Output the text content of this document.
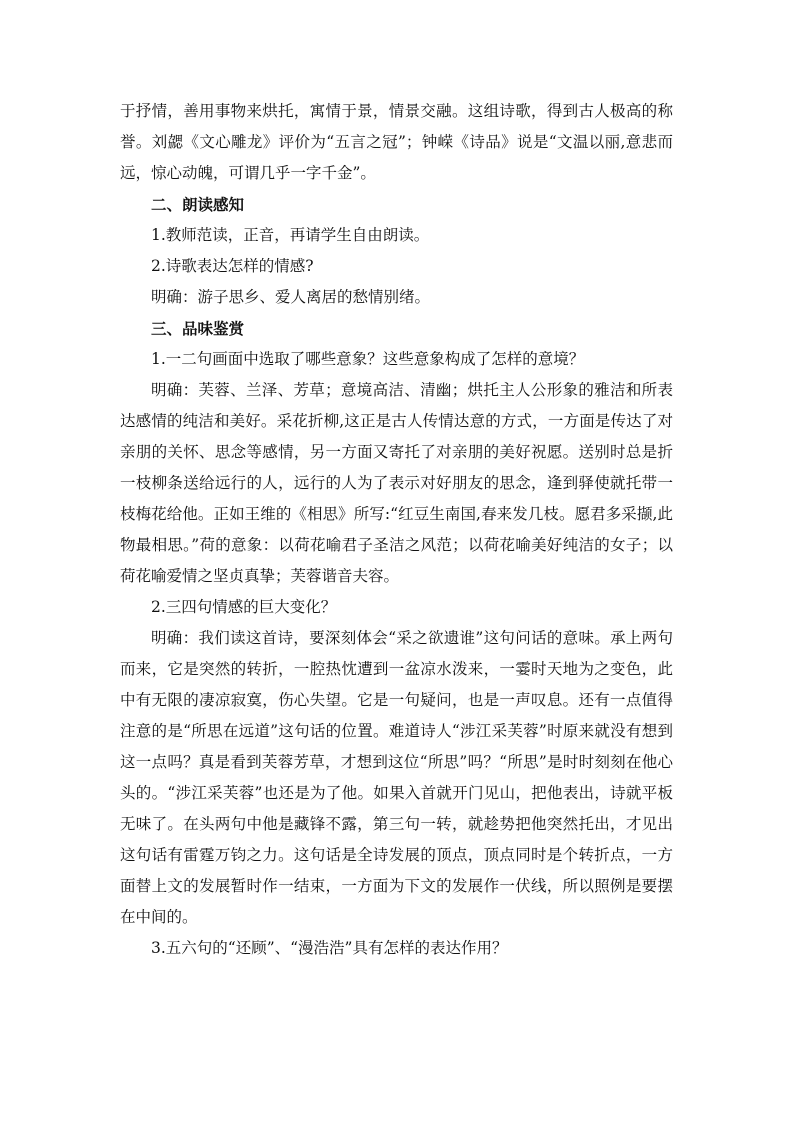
于抒情，善用事物来烘托，寓情于景，情景交融。这组诗歌，得到古人极高的称誉。刘勰《文心雕龙》评价为“五言之冠”；钟嵘《诗品》说是“文温以丽,意悲而远，惊心动魄，可谓几乎一字千金”。

二、朗读感知

1.教师范读，正音，再请学生自由朗读。

2.诗歌表达怎样的情感?

明确：游子思乡、爱人离居的愁情别绪。

三、品味鉴赏

1.一二句画面中选取了哪些意象？这些意象构成了怎样的意境？

明确：芙蓉、兰泽、芳草；意境高洁、清幽；烘托主人公形象的雅洁和所表达感情的纯洁和美好。采花折柳,这正是古人传情达意的方式，一方面是传达了对亲朋的关怀、思念等感情，另一方面又寄托了对亲朋的美好祝愿。送别时总是折一枝柳条送给远行的人，远行的人为了表示对好朋友的思念，逢到驿使就托带一枝梅花给他。正如王维的《相思》所写:“红豆生南国,春来发几枝。愿君多采撷,此物最相思。”荷的意象：以荷花喻君子圣洁之风范；以荷花喻美好纯洁的女子；以荷花喻爱情之坚贞真挚；芙蓉谐音夫容。

2.三四句情感的巨大变化？

明确：我们读这首诗，要深刻体会“采之欲遗谁”这句问话的意味。承上两句而来，它是突然的转折，一腔热忱遭到一盆凉水泼来，一霎时天地为之变色，此中有无限的凄凉寂寞，伤心失望。它是一句疑问，也是一声叹息。还有一点值得注意的是“所思在远道”这句话的位置。难道诗人“涉江采芙蓉”时原来就没有想到这一点吗？真是看到芙蓉芳草，才想到这位“所思”吗？“所思”是时时刻刻在他心头的。“涉江采芙蓉”也还是为了他。如果入首就开门见山，把他表出，诗就平板无味了。在头两句中他是藏锋不露，第三句一转，就趁势把他突然托出，才见出这句话有雷霆万钧之力。这句话是全诗发展的顶点，顶点同时是个转折点，一方面替上文的发展暂时作一结束，一方面为下文的发展作一伏线，所以照例是要摆在中间的。

3.五六句的“还顾”、“漫浩浩”具有怎样的表达作用？
